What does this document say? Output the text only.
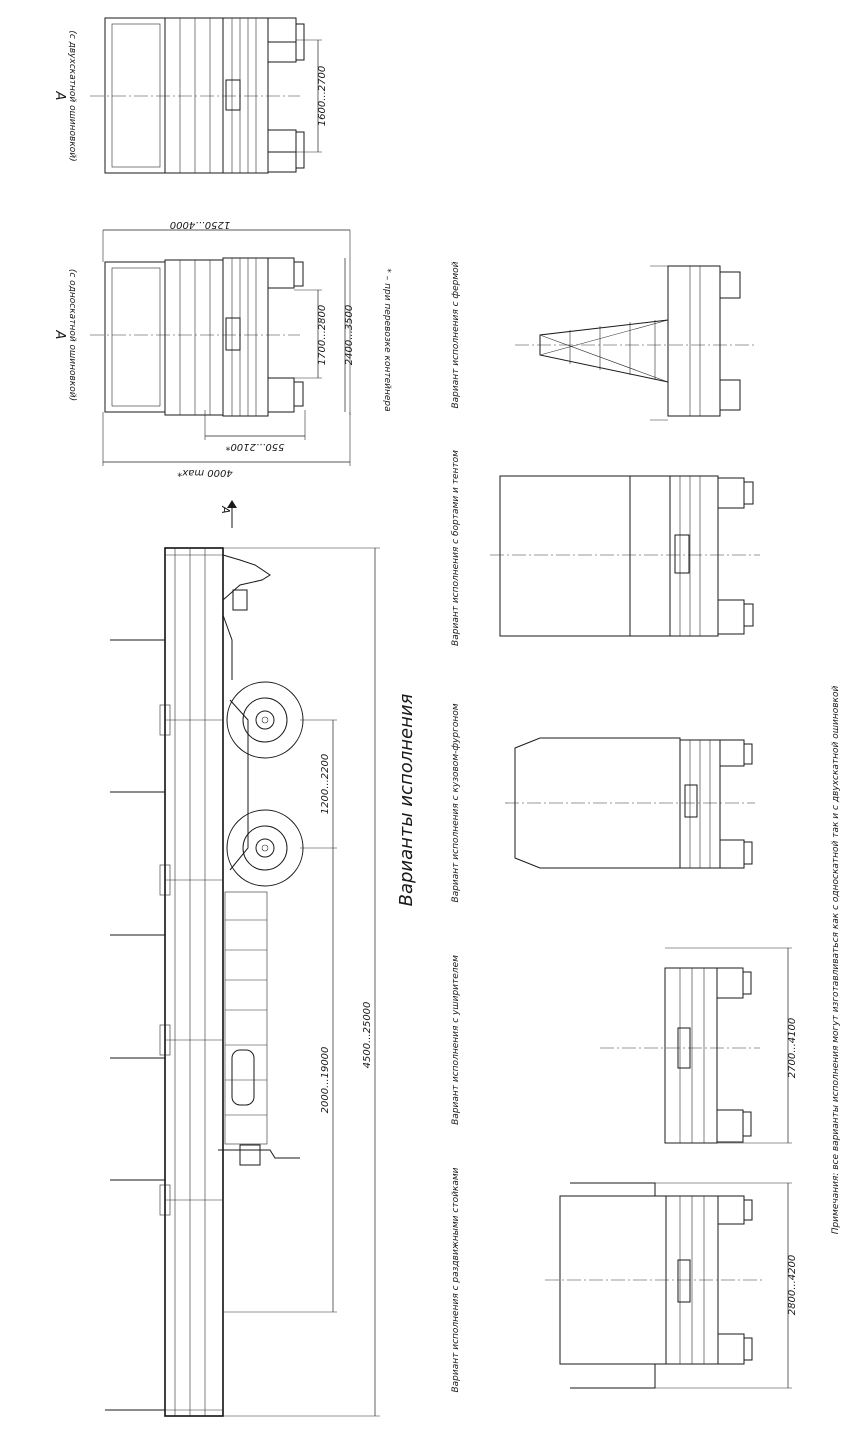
А (с двухскатной ошиновкой)	1600...2700
1250...4000
1700...2800 2400...3500
550...2100*
4000 max*
А (с односкатной ошиновкой)	* – при перевозке контейнера
А
1200...2200
2000...19000
4500...25000
Варианты исполнения
Вариант исполнения с фермой
Вариант исполнения с бортами и тентом
Вариант исполнения с кузовом-фургоном
2700...4100
Вариант исполнения с уширителем
2800...4200
Вариант исполнения с раздвижными стойками
Примечания: все варианты исполнения могут изготавливаться как с односкатной так и с двухскатной ошиновкой
